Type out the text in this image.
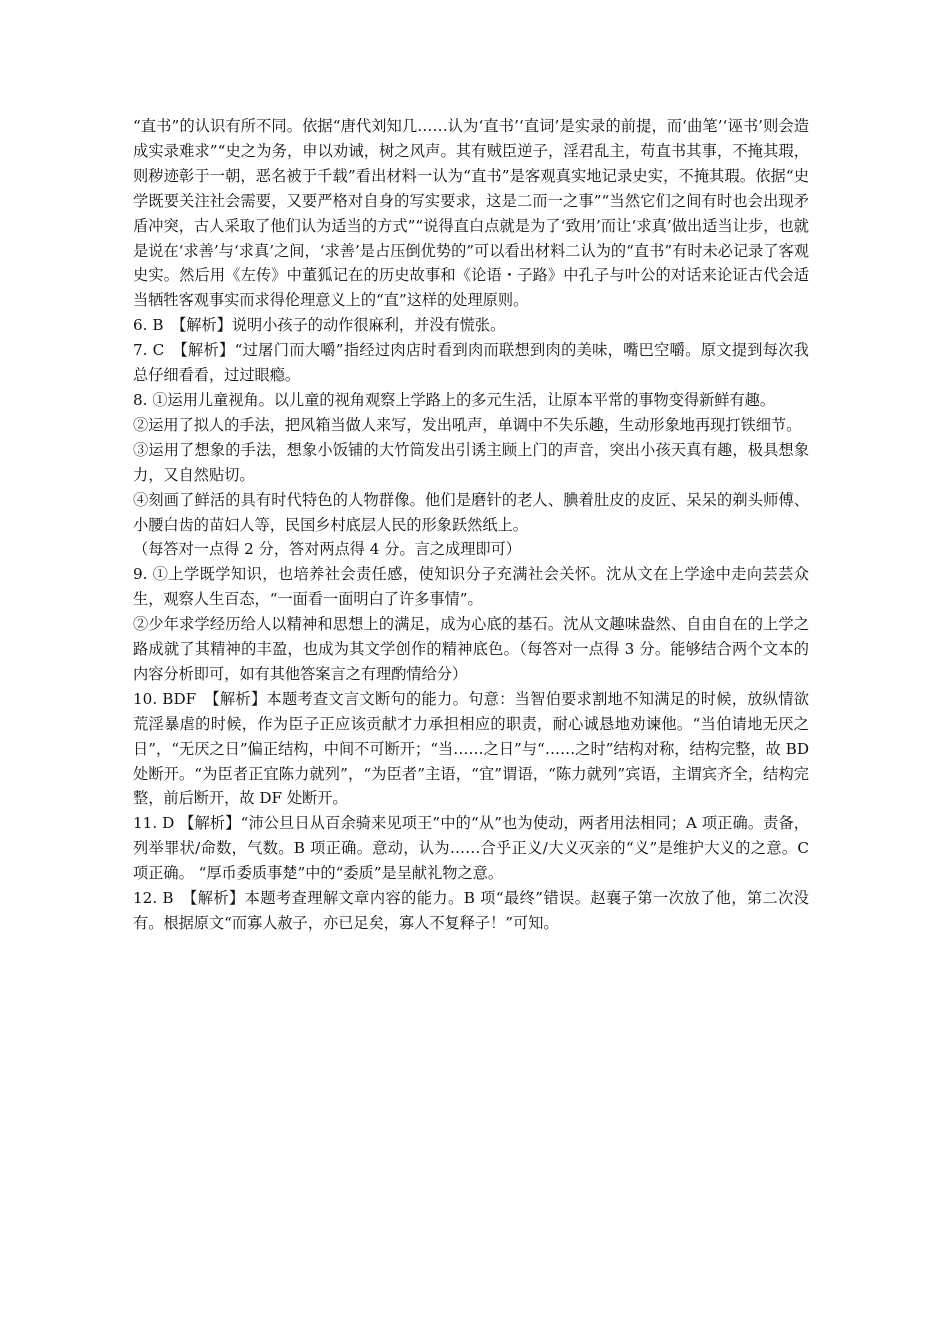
“直书”的认识有所不同。依据“唐代刘知几……认为‘直书’‘直词’是实录的前提，而‘曲笔’‘诬书’则会造成实录难求”“史之为务，申以劝诫，树之风声。其有贼臣逆子，淫君乱主，苟直书其事，不掩其瑕，则秽迹彰于一朝，恶名被于千载”看出材料一认为“直书”是客观真实地记录史实，不掩其瑕。依据“史学既要关注社会需要，又要严格对自身的写实要求，这是二而一之事”“当然它们之间有时也会出现矛盾冲突，古人采取了他们认为适当的方式”“说得直白点就是为了‘致用’而让‘求真’做出适当让步，也就是说在‘求善’与‘求真’之间，‘求善’是占压倒优势的”可以看出材料二认为的“直书”有时未必记录了客观史实。然后用《左传》中董狐记在的历史故事和《论语・子路》中孔子与叶公的对话来论证古代会适当牺牲客观事实而求得伦理意义上的“直”这样的处理原则。

6. B　【解析】说明小孩子的动作很麻利，并没有慌张。

7. C　【解析】“过屠门而大嚼”指经过肉店时看到肉而联想到肉的美味，嘴巴空嚼。原文提到每次我总仔细看看，过过眼瘾。

8. ①运用儿童视角。以儿童的视角观察上学路上的多元生活，让原本平常的事物变得新鲜有趣。

②运用了拟人的手法，把风箱当做人来写，发出吼声，单调中不失乐趣，生动形象地再现打铁细节。

③运用了想象的手法，想象小饭铺的大竹筒发出引诱主顾上门的声音，突出小孩天真有趣，极具想象力，又自然贴切。

④刻画了鲜活的具有时代特色的人物群像。他们是磨针的老人、腆着肚皮的皮匠、呆呆的剃头师傅、小腰白齿的苗妇人等，民国乡村底层人民的形象跃然纸上。

（每答对一点得 2 分，答对两点得 4 分。言之成理即可）

9. ①上学既学知识，也培养社会责任感，使知识分子充满社会关怀。沈从文在上学途中走向芸芸众生，观察人生百态，“一面看一面明白了许多事情”。

②少年求学经历给人以精神和思想上的满足，成为心底的基石。沈从文趣味盎然、自由自在的上学之路成就了其精神的丰盈，也成为其文学创作的精神底色。（每答对一点得 3 分。能够结合两个文本的内容分析即可，如有其他答案言之有理酌情给分）

10. BDF　【解析】本题考查文言文断句的能力。句意：当智伯要求割地不知满足的时候，放纵情欲荒淫暴虐的时候，作为臣子正应该贡献才力承担相应的职责，耐心诚恳地劝谏他。“当伯请地无厌之日”，“无厌之日”偏正结构，中间不可断开；“当……之日”与“……之时”结构对称，结构完整，故 BD 处断开。“为臣者正宜陈力就列”，“为臣者”主语，“宜”谓语，“陈力就列”宾语，主谓宾齐全，结构完整，前后断开，故 DF 处断开。

11. D 【解析】“沛公旦日从百余骑来见项王”中的“从”也为使动，两者用法相同；A 项正确。责备，列举罪状/命数，气数。B 项正确。意动，认为……合乎正义/大义灭亲的“义”是维护大义的之意。C 项正确。 “厚币委质事楚”中的“委质”是呈献礼物之意。

12. B　【解析】本题考查理解文章内容的能力。B 项“最终”错误。赵襄子第一次放了他，第二次没有。根据原文“而寡人赦子，亦已足矣，寡人不复释子！”可知。
